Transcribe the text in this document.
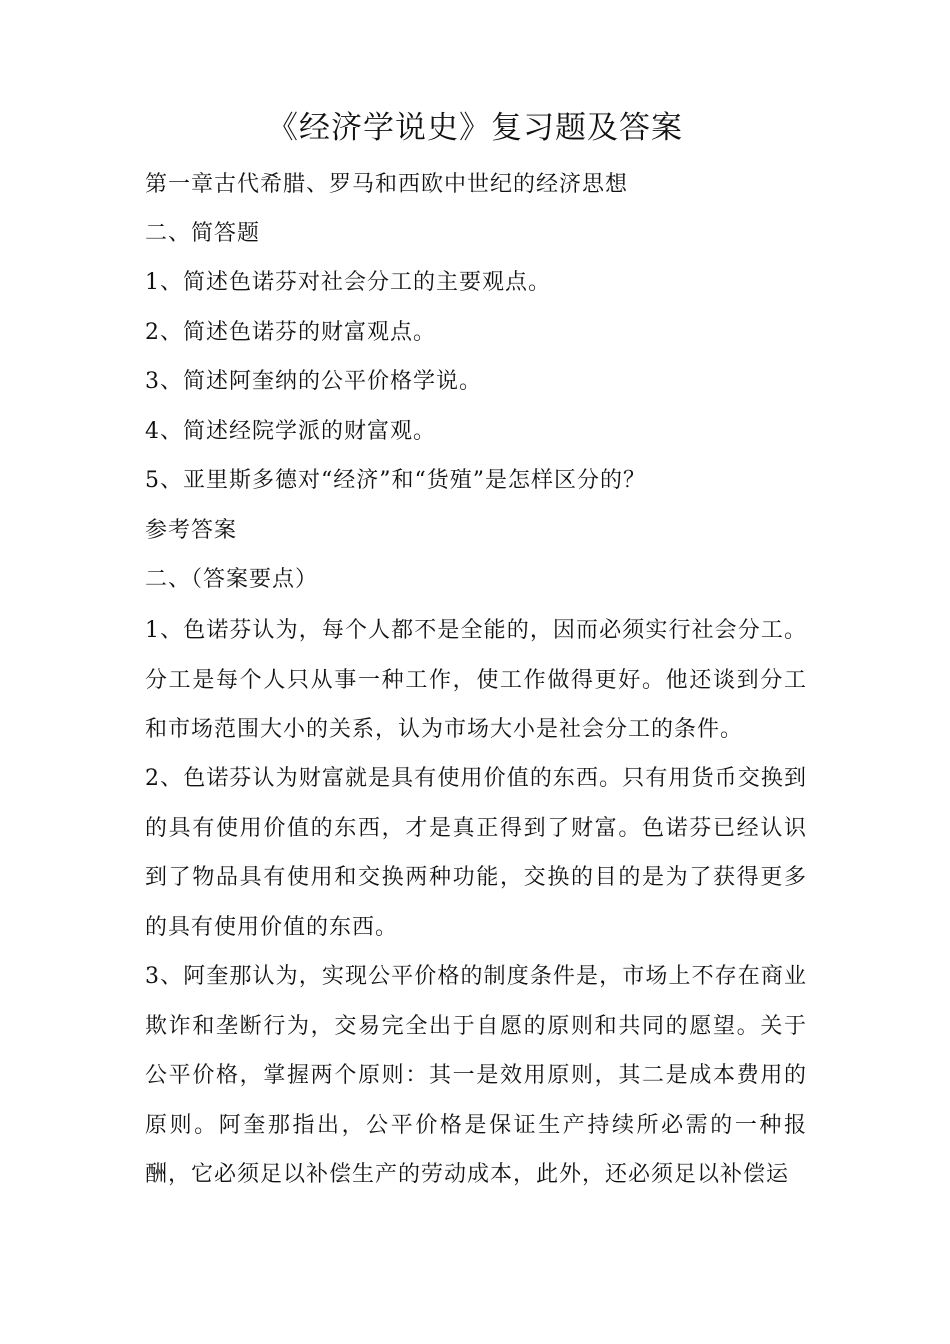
《经济学说史》复习题及答案
第一章古代希腊、罗马和西欧中世纪的经济思想
二、简答题
1、简述色诺芬对社会分工的主要观点。
2、简述色诺芬的财富观点。
3、简述阿奎纳的公平价格学说。
4、简述经院学派的财富观。
5、亚里斯多德对“经济”和“货殖”是怎样区分的？
参考答案
二、（答案要点）
1、色诺芬认为，每个人都不是全能的，因而必须实行社会分工。分工是每个人只从事一种工作，使工作做得更好。他还谈到分工和市场范围大小的关系，认为市场大小是社会分工的条件。
2、色诺芬认为财富就是具有使用价值的东西。只有用货币交换到的具有使用价值的东西，才是真正得到了财富。色诺芬已经认识到了物品具有使用和交换两种功能，交换的目的是为了获得更多的具有使用价值的东西。
3、阿奎那认为，实现公平价格的制度条件是，市场上不存在商业欺诈和垄断行为，交易完全出于自愿的原则和共同的愿望。关于公平价格，掌握两个原则：其一是效用原则，其二是成本费用的原则。阿奎那指出，公平价格是保证生产持续所必需的一种报酬，它必须足以补偿生产的劳动成本，此外，还必须足以补偿运
